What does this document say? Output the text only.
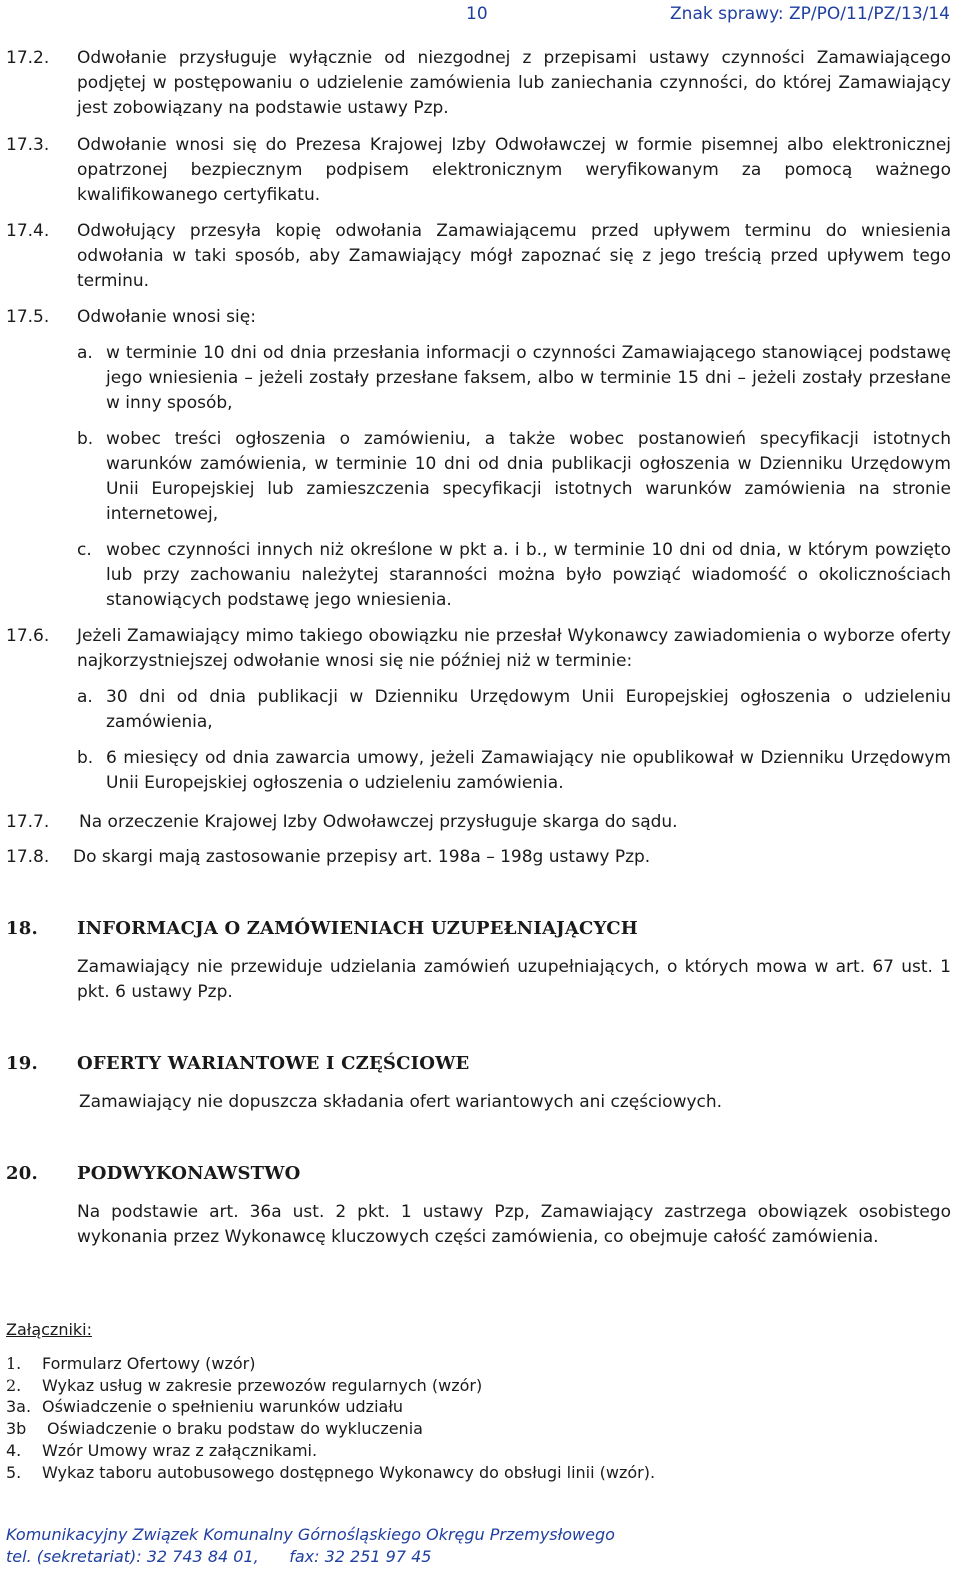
10	Znak sprawy: ZP/PO/11/PZ/13/14
17.2. Odwołanie przysługuje wyłącznie od niezgodnej z przepisami ustawy czynności Zamawiającego podjętej w postępowaniu o udzielenie zamówienia lub zaniechania czynności, do której Zamawiający jest zobowiązany na podstawie ustawy Pzp.
17.3. Odwołanie wnosi się do Prezesa Krajowej Izby Odwoławczej w formie pisemnej albo elektronicznej opatrzonej bezpiecznym podpisem elektronicznym weryfikowanym za pomocą ważnego kwalifikowanego certyfikatu.
17.4. Odwołujący przesyła kopię odwołania Zamawiającemu przed upływem terminu do wniesienia odwołania w taki sposób, aby Zamawiający mógł zapoznać się z jego treścią przed upływem tego terminu.
17.5. Odwołanie wnosi się:
a. w terminie 10 dni od dnia przesłania informacji o czynności Zamawiającego stanowiącej podstawę jego wniesienia – jeżeli zostały przesłane faksem, albo w terminie 15 dni – jeżeli zostały przesłane w inny sposób,
b. wobec treści ogłoszenia o zamówieniu, a także wobec postanowień specyfikacji istotnych warunków zamówienia, w terminie 10 dni od dnia publikacji ogłoszenia w Dzienniku Urzędowym Unii Europejskiej lub zamieszczenia specyfikacji istotnych warunków zamówienia na stronie internetowej,
c. wobec czynności innych niż określone w pkt a. i b., w terminie 10 dni od dnia, w którym powzięto lub przy zachowaniu należytej staranności można było powziąć wiadomość o okolicznościach stanowiących podstawę jego wniesienia.
17.6. Jeżeli Zamawiający mimo takiego obowiązku nie przesłał Wykonawcy zawiadomienia o wyborze oferty najkorzystniejszej odwołanie wnosi się nie później niż w terminie:
a. 30 dni od dnia publikacji w Dzienniku Urzędowym Unii Europejskiej ogłoszenia o udzieleniu zamówienia,
b. 6 miesięcy od dnia zawarcia umowy, jeżeli Zamawiający nie opublikował w Dzienniku Urzędowym Unii Europejskiej ogłoszenia o udzieleniu zamówienia.
17.7. Na orzeczenie Krajowej Izby Odwoławczej przysługuje skarga do sądu.
17.8. Do skargi mają zastosowanie przepisy art. 198a – 198g ustawy Pzp.
18. INFORMACJA O ZAMÓWIENIACH UZUPEŁNIAJĄCYCH
Zamawiający nie przewiduje udzielania zamówień uzupełniających, o których mowa w art. 67 ust. 1 pkt. 6 ustawy Pzp.
19. OFERTY WARIANTOWE I CZĘŚCIOWE
Zamawiający nie dopuszcza składania ofert wariantowych ani częściowych.
20. PODWYKONAWSTWO
Na podstawie art. 36a ust. 2 pkt. 1 ustawy Pzp, Zamawiający zastrzega obowiązek osobistego wykonania przez Wykonawcę kluczowych części zamówienia, co obejmuje całość zamówienia.
Załączniki:
1. Formularz Ofertowy (wzór)
2. Wykaz usług w zakresie przewozów regularnych (wzór)
3a. Oświadczenie o spełnieniu warunków udziału
3b Oświadczenie o braku podstaw do wykluczenia
4. Wzór Umowy wraz z załącznikami.
5. Wykaz taboru autobusowego dostępnego Wykonawcy do obsługi linii (wzór).
Komunikacyjny Związek Komunalny Górnośląskiego Okręgu Przemysłowego
tel. (sekretariat): 32 743 84 01,      fax: 32 251 97 45
